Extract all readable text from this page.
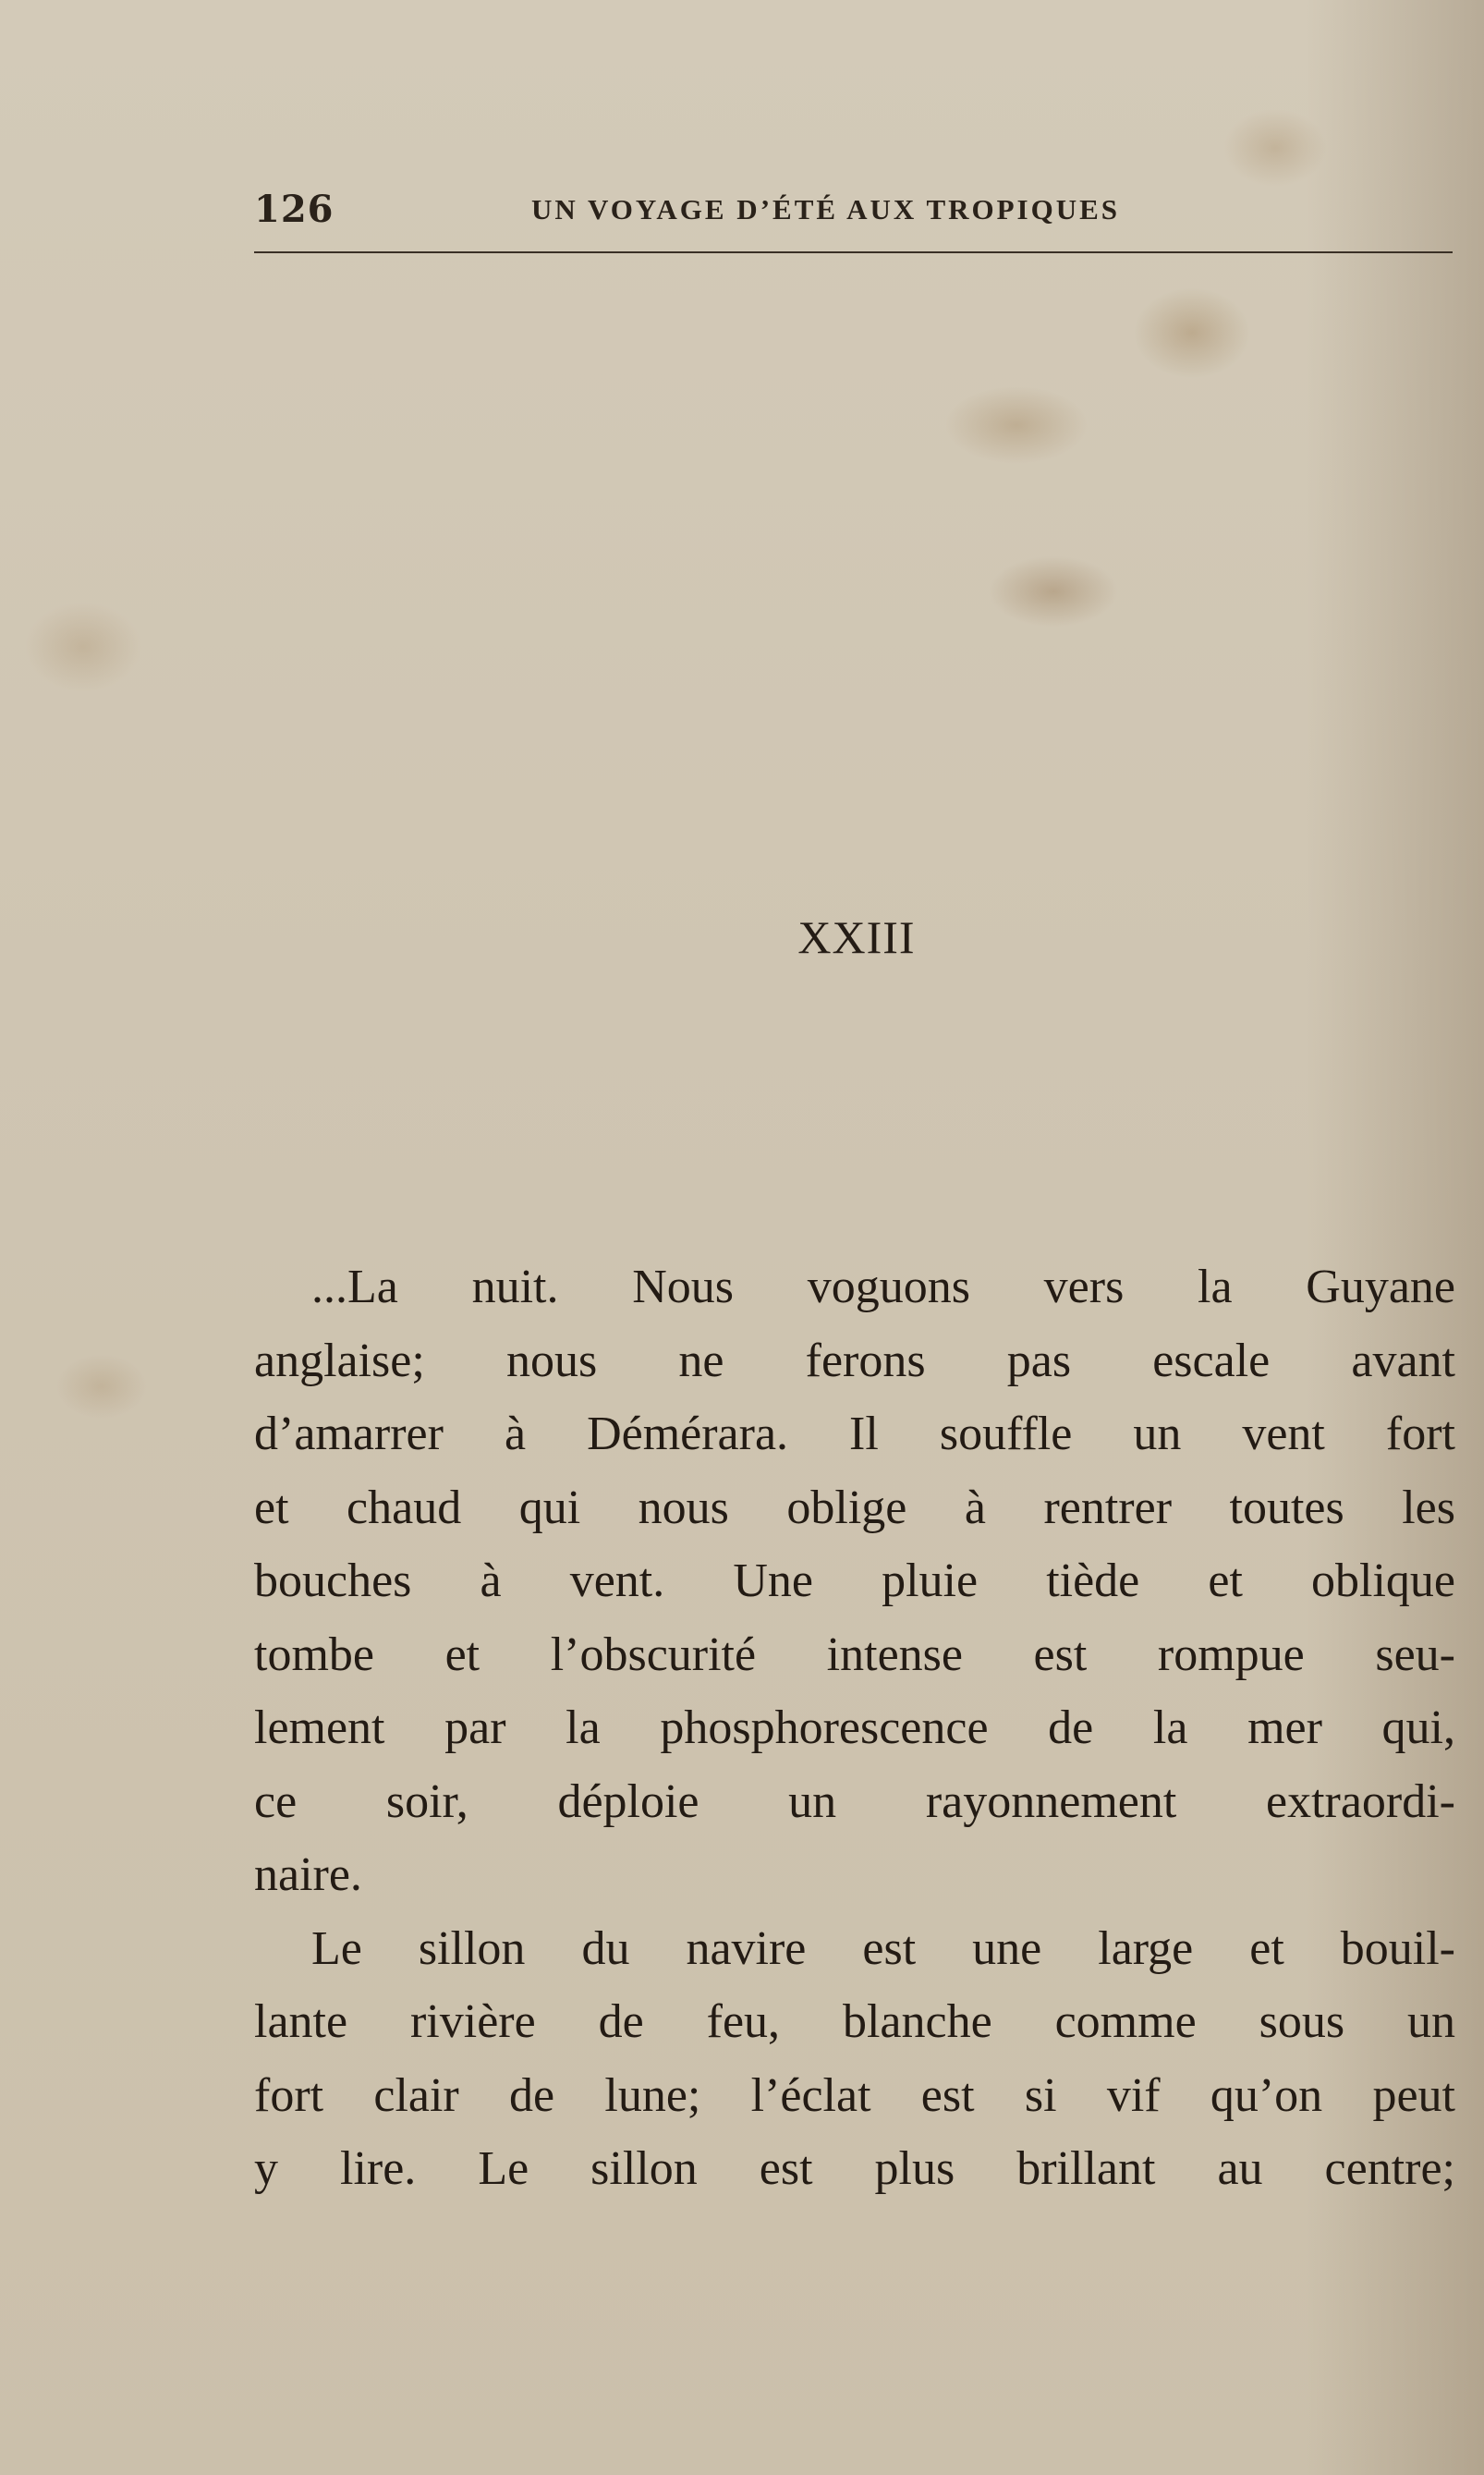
126	UN VOYAGE D’ÉTÉ AUX TROPIQUES
XXIII
...La nuit. Nous voguons vers la Guyane
anglaise; nous ne ferons pas escale avant
d’amarrer à Démérara. Il souffle un vent fort
et chaud qui nous oblige à rentrer toutes les
bouches à vent. Une pluie tiède et oblique
tombe et l’obscurité intense est rompue seu-
lement par la phosphorescence de la mer qui,
ce soir, déploie un rayonnement extraordi-
naire.
Le sillon du navire est une large et bouil-
lante rivière de feu, blanche comme sous un
fort clair de lune; l’éclat est si vif qu’on peut
y lire. Le sillon est plus brillant au centre;
